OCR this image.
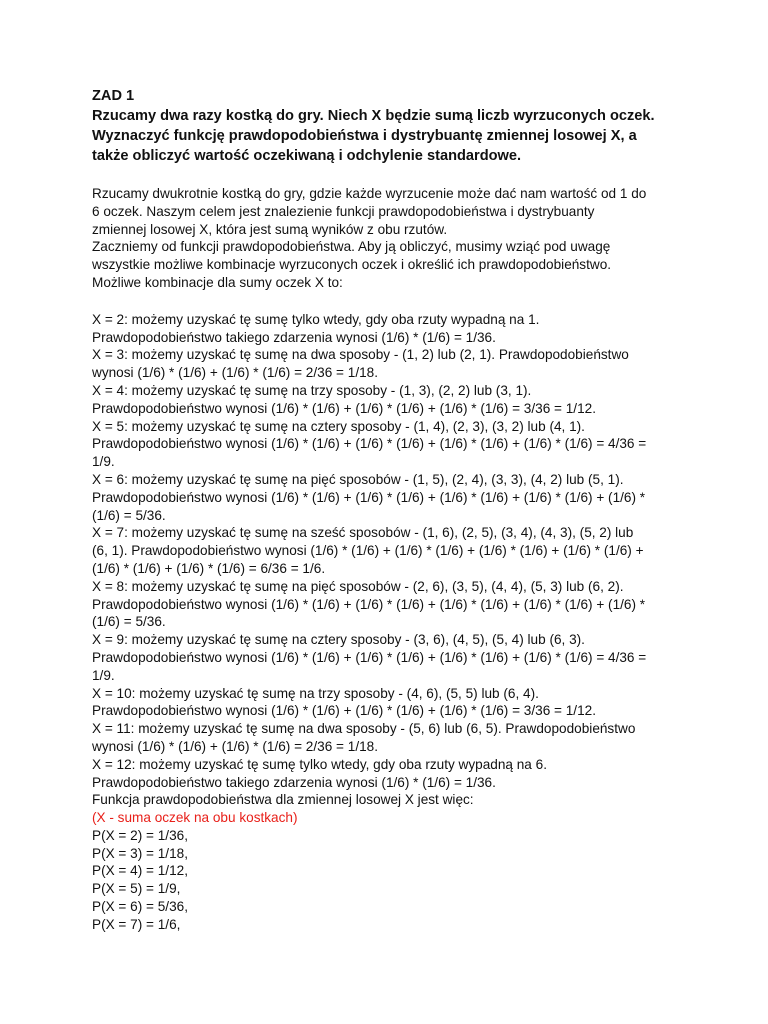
ZAD 1

Rzucamy dwa razy kostką do gry. Niech X będzie sumą liczb wyrzuconych oczek.
Wyznaczyć funkcję prawdopodobieństwa i dystrybuantę zmiennej losowej X, a
także obliczyć wartość oczekiwaną i odchylenie standardowe.
Rzucamy dwukrotnie kostką do gry, gdzie każde wyrzucenie może dać nam wartość od 1 do
6 oczek. Naszym celem jest znalezienie funkcji prawdopodobieństwa i dystrybuanty
zmiennej losowej X, która jest sumą wyników z obu rzutów.
Zaczniemy od funkcji prawdopodobieństwa. Aby ją obliczyć, musimy wziąć pod uwagę
wszystkie możliwe kombinacje wyrzuconych oczek i określić ich prawdopodobieństwo.
Możliwe kombinacje dla sumy oczek X to:
X = 2: możemy uzyskać tę sumę tylko wtedy, gdy oba rzuty wypadną na 1.
Prawdopodobieństwo takiego zdarzenia wynosi (1/6) * (1/6) = 1/36.
X = 3: możemy uzyskać tę sumę na dwa sposoby - (1, 2) lub (2, 1). Prawdopodobieństwo
wynosi (1/6) * (1/6) + (1/6) * (1/6) = 2/36 = 1/18.
X = 4: możemy uzyskać tę sumę na trzy sposoby - (1, 3), (2, 2) lub (3, 1).
Prawdopodobieństwo wynosi (1/6) * (1/6) + (1/6) * (1/6) + (1/6) * (1/6) = 3/36 = 1/12.
X = 5: możemy uzyskać tę sumę na cztery sposoby - (1, 4), (2, 3), (3, 2) lub (4, 1).
Prawdopodobieństwo wynosi (1/6) * (1/6) + (1/6) * (1/6) + (1/6) * (1/6) + (1/6) * (1/6) = 4/36 =
1/9.
X = 6: możemy uzyskać tę sumę na pięć sposobów - (1, 5), (2, 4), (3, 3), (4, 2) lub (5, 1).
Prawdopodobieństwo wynosi (1/6) * (1/6) + (1/6) * (1/6) + (1/6) * (1/6) + (1/6) * (1/6) + (1/6) *
(1/6) = 5/36.
X = 7: możemy uzyskać tę sumę na sześć sposobów - (1, 6), (2, 5), (3, 4), (4, 3), (5, 2) lub
(6, 1). Prawdopodobieństwo wynosi (1/6) * (1/6) + (1/6) * (1/6) + (1/6) * (1/6) + (1/6) * (1/6) +
(1/6) * (1/6) + (1/6) * (1/6) = 6/36 = 1/6.
X = 8: możemy uzyskać tę sumę na pięć sposobów - (2, 6), (3, 5), (4, 4), (5, 3) lub (6, 2).
Prawdopodobieństwo wynosi (1/6) * (1/6) + (1/6) * (1/6) + (1/6) * (1/6) + (1/6) * (1/6) + (1/6) *
(1/6) = 5/36.
X = 9: możemy uzyskać tę sumę na cztery sposoby - (3, 6), (4, 5), (5, 4) lub (6, 3).
Prawdopodobieństwo wynosi (1/6) * (1/6) + (1/6) * (1/6) + (1/6) * (1/6) + (1/6) * (1/6) = 4/36 =
1/9.
X = 10: możemy uzyskać tę sumę na trzy sposoby - (4, 6), (5, 5) lub (6, 4).
Prawdopodobieństwo wynosi (1/6) * (1/6) + (1/6) * (1/6) + (1/6) * (1/6) = 3/36 = 1/12.
X = 11: możemy uzyskać tę sumę na dwa sposoby - (5, 6) lub (6, 5). Prawdopodobieństwo
wynosi (1/6) * (1/6) + (1/6) * (1/6) = 2/36 = 1/18.
X = 12: możemy uzyskać tę sumę tylko wtedy, gdy oba rzuty wypadną na 6.
Prawdopodobieństwo takiego zdarzenia wynosi (1/6) * (1/6) = 1/36.
Funkcja prawdopodobieństwa dla zmiennej losowej X jest więc:
(X - suma oczek na obu kostkach)
P(X = 2) = 1/36,
P(X = 3) = 1/18,
P(X = 4) = 1/12,
P(X = 5) = 1/9,
P(X = 6) = 5/36,
P(X = 7) = 1/6,
